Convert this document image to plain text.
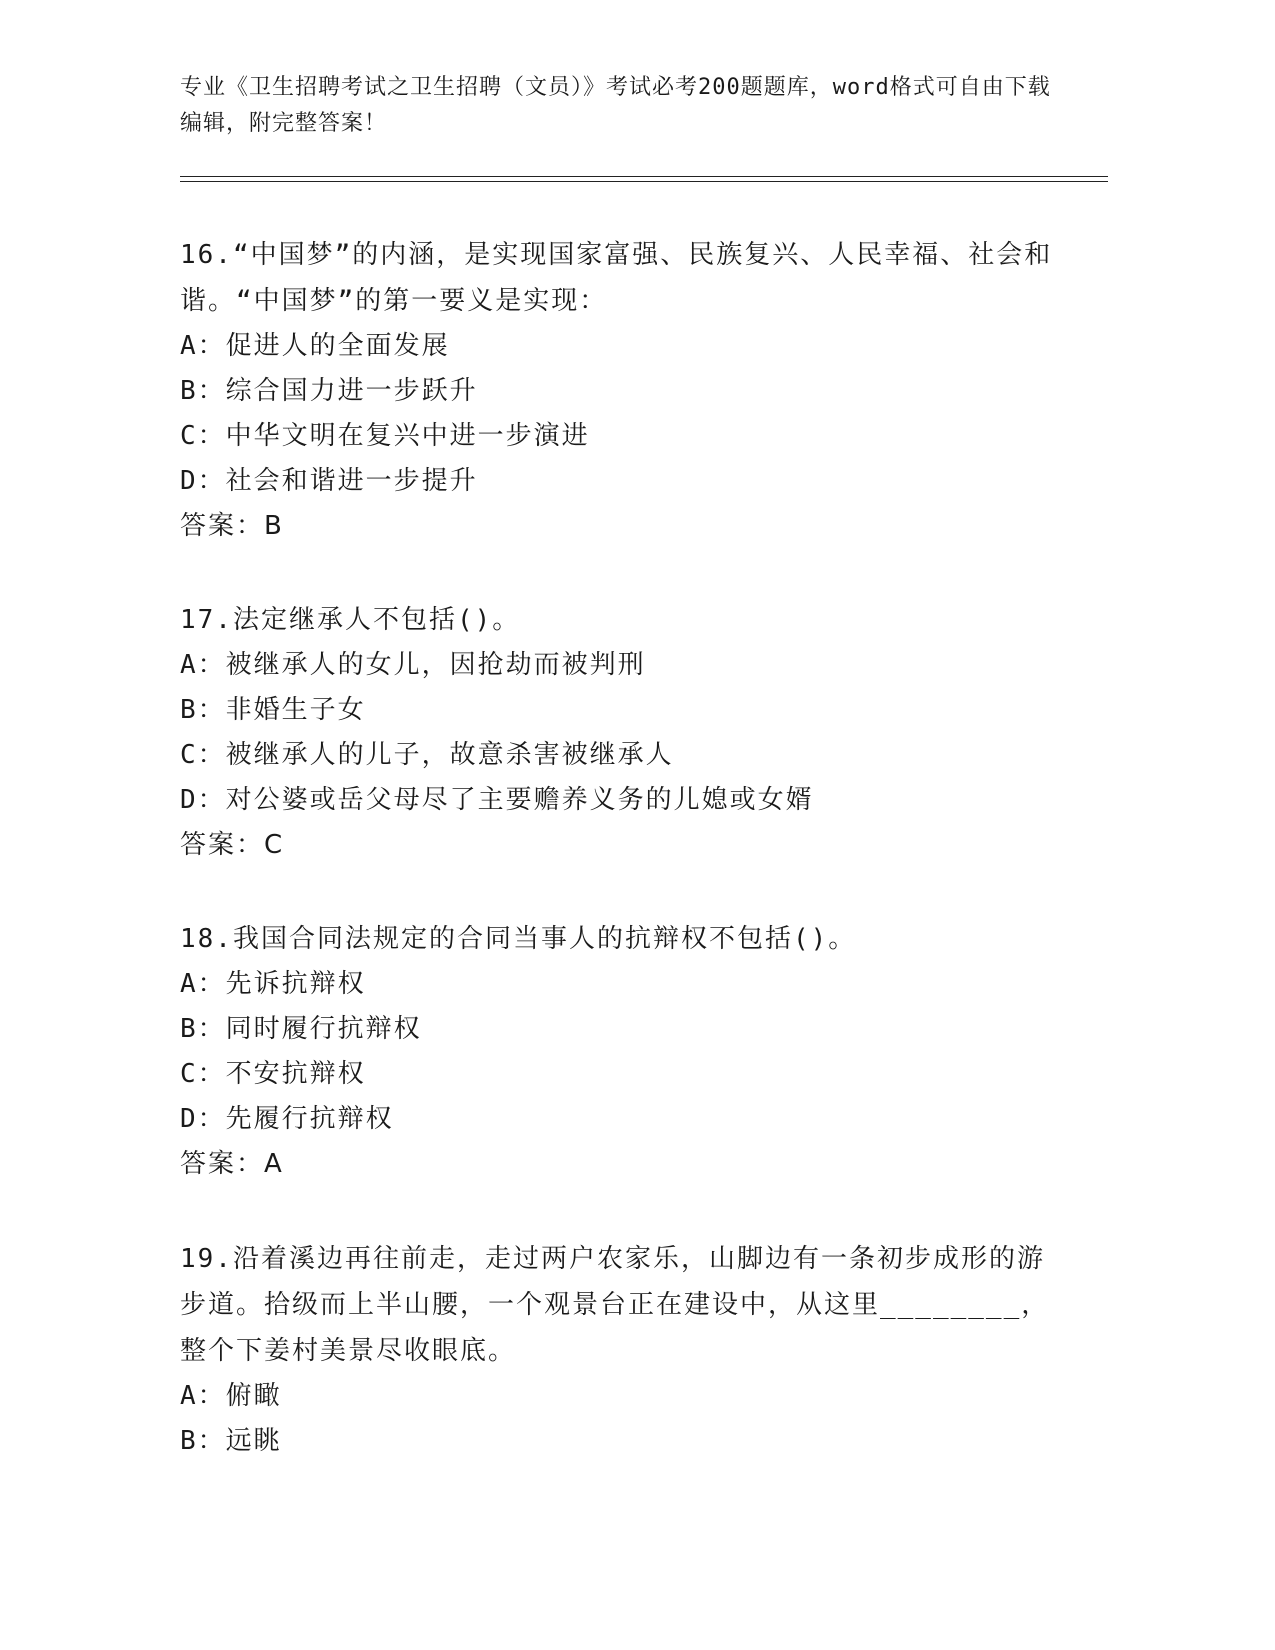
专业《卫生招聘考试之卫生招聘（文员）》考试必考200题题库，word格式可自由下载编辑，附完整答案！
16.“中国梦”的内涵，是实现国家富强、民族复兴、人民幸福、社会和谐。“中国梦”的第一要义是实现：
A：促进人的全面发展
B：综合国力进一步跃升
C：中华文明在复兴中进一步演进
D：社会和谐进一步提升
答案：B
17.法定继承人不包括()。
A：被继承人的女儿，因抢劫而被判刑
B：非婚生子女
C：被继承人的儿子，故意杀害被继承人
D：对公婆或岳父母尽了主要赡养义务的儿媳或女婿
答案：C
18.我国合同法规定的合同当事人的抗辩权不包括()。
A：先诉抗辩权
B：同时履行抗辩权
C：不安抗辩权
D：先履行抗辩权
答案：A
19.沿着溪边再往前走，走过两户农家乐，山脚边有一条初步成形的游步道。拾级而上半山腰，一个观景台正在建设中，从这里________，整个下姜村美景尽收眼底。
A：俯瞰
B：远眺
